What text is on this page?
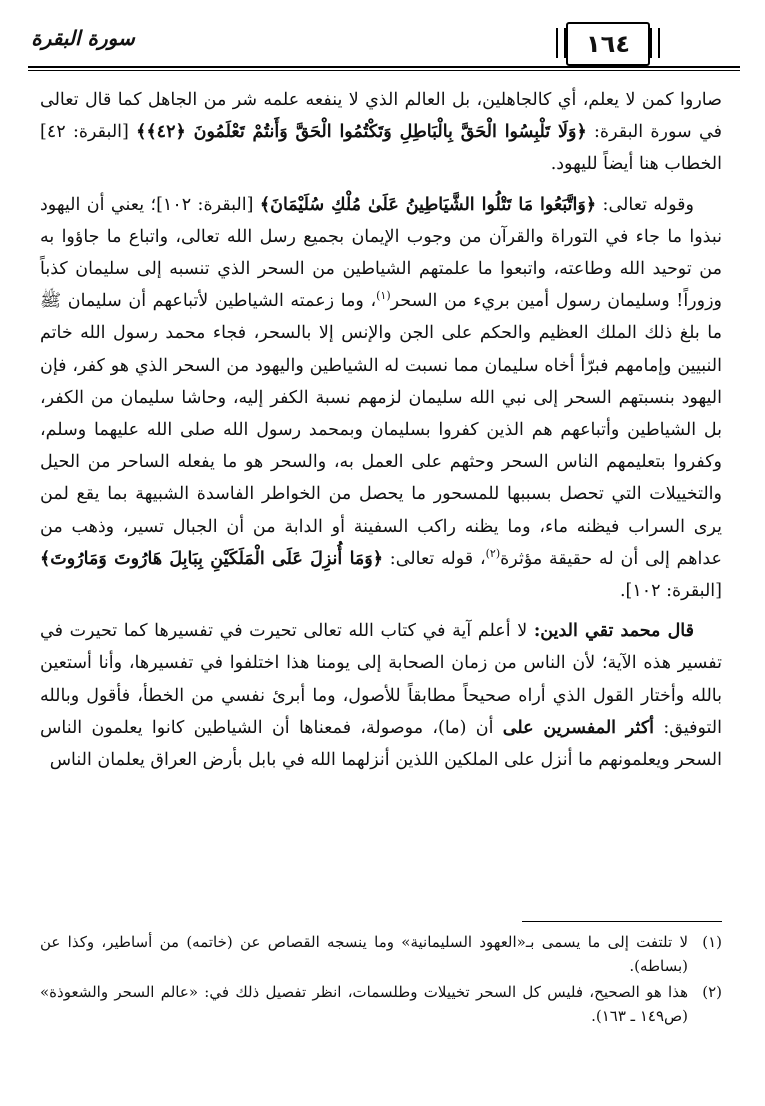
سورة البقرة	١٦٤

صاروا كمن لا يعلم، أي كالجاهلين، بل العالم الذي لا ينفعه علمه شر من الجاهل كما قال تعالى في سورة البقرة: ﴿وَلَا تَلْبِسُوا الْحَقَّ بِالْبَاطِلِ وَتَكْتُمُوا الْحَقَّ وَأَنتُمْ تَعْلَمُونَ ﴿٤٢﴾﴾ [البقرة: ٤٢] الخطاب هنا أيضاً لليهود.

وقوله تعالى: ﴿وَاتَّبَعُوا مَا تَتْلُوا الشَّيَاطِينُ عَلَىٰ مُلْكِ سُلَيْمَانَ﴾ [البقرة: ١٠٢]؛ يعني أن اليهود نبذوا ما جاء في التوراة والقرآن من وجوب الإيمان بجميع رسل الله تعالى، واتباع ما جاؤوا به من توحيد الله وطاعته، واتبعوا ما علمتهم الشياطين من السحر الذي تنسبه إلى سليمان كذباً وزوراً! وسليمان رسول أمين بريء من السحر$^{(١)}$، وما زعمته الشياطين لأتباعهم أن سليمان ﷺ ما بلغ ذلك الملك العظيم والحكم على الجن والإنس إلا بالسحر، فجاء محمد رسول الله خاتم النبيين وإمامهم فبرّأ أخاه سليمان مما نسبت له الشياطين واليهود من السحر الذي هو كفر، فإن اليهود بنسبتهم السحر إلى نبي الله سليمان لزمهم نسبة الكفر إليه، وحاشا سليمان من الكفر، بل الشياطين وأتباعهم هم الذين كفروا بسليمان وبمحمد رسول الله صلى الله عليهما وسلم، وكفروا بتعليمهم الناس السحر وحثهم على العمل به، والسحر هو ما يفعله الساحر من الحيل والتخييلات التي تحصل بسببها للمسحور ما يحصل من الخواطر الفاسدة الشبيهة بما يقع لمن يرى السراب فيظنه ماء، وما يظنه راكب السفينة أو الدابة من أن الجبال تسير، وذهب من عداهم إلى أن له حقيقة مؤثرة$^{(٢)}$، قوله تعالى: ﴿وَمَا أُنزِلَ عَلَى الْمَلَكَيْنِ بِبَابِلَ هَارُوتَ وَمَارُوتَ﴾ [البقرة: ١٠٢].

قال محمد تقي الدين: لا أعلم آية في كتاب الله تعالى تحيرت في تفسيرها كما تحيرت في تفسير هذه الآية؛ لأن الناس من زمان الصحابة إلى يومنا هذا اختلفوا في تفسيرها، وأنا أستعين بالله وأختار القول الذي أراه صحيحاً مطابقاً للأصول، وما أبرئ نفسي من الخطأ، فأقول وبالله التوفيق: أكثر المفسرين على أن (ما)، موصولة، فمعناها أن الشياطين كانوا يعلمون الناس السحر ويعلمونهم ما أنزل على الملكين اللذين أنزلهما الله في بابل بأرض العراق يعلمان الناس

(١)
لا تلتفت إلى ما يسمى بـ«العهود السليمانية» وما ينسجه القصاص عن (خاتمه) من أساطير، وكذا عن (بساطه).
(٢)
هذا هو الصحيح، فليس كل السحر تخييلات وطلسمات، انظر تفصيل ذلك في: «عالم السحر والشعوذة» (ص١٤٩ ـ ١٦٣).
